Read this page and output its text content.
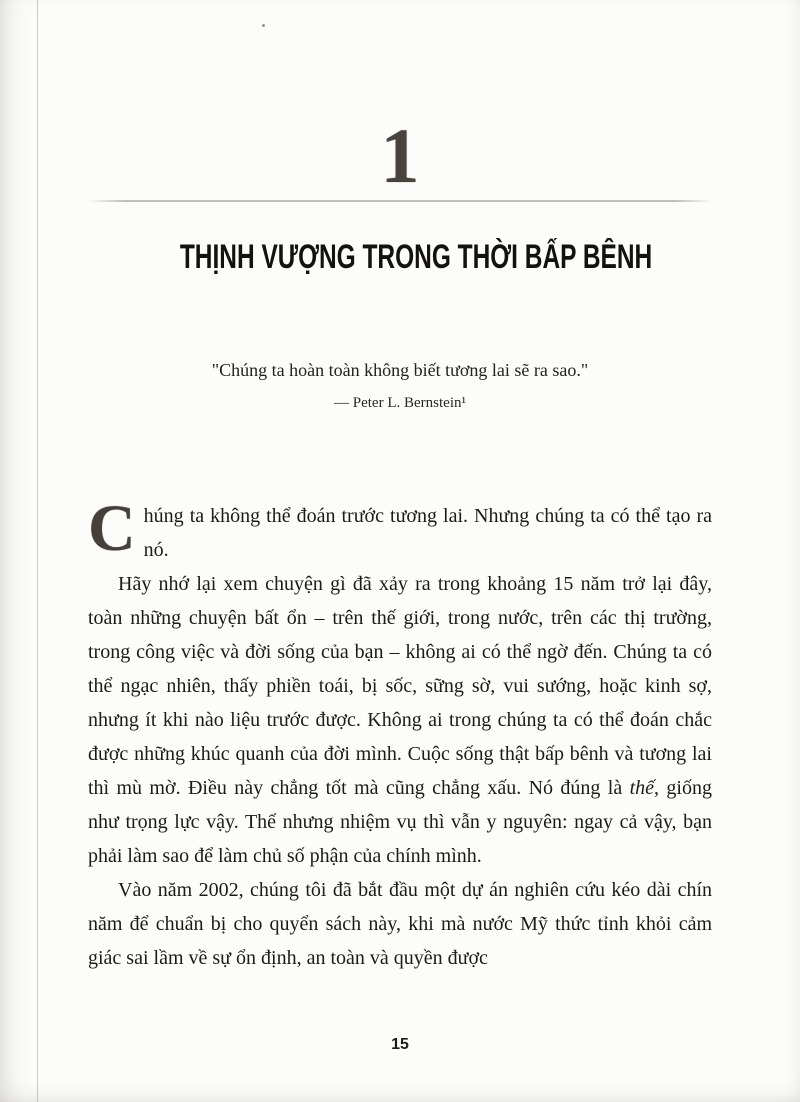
1
THỊNH VƯỢNG TRONG THỜI BẤP BÊNH

"Chúng ta hoàn toàn không biết tương lai sẽ ra sao."

— Peter L. Bernstein¹

Chúng ta không thể đoán trước tương lai. Nhưng chúng ta có thể tạo ra nó.

Hãy nhớ lại xem chuyện gì đã xảy ra trong khoảng 15 năm trở lại đây, toàn những chuyện bất ổn – trên thế giới, trong nước, trên các thị trường, trong công việc và đời sống của bạn – không ai có thể ngờ đến. Chúng ta có thể ngạc nhiên, thấy phiền toái, bị sốc, sững sờ, vui sướng, hoặc kinh sợ, nhưng ít khi nào liệu trước được. Không ai trong chúng ta có thể đoán chắc được những khúc quanh của đời mình. Cuộc sống thật bấp bênh và tương lai thì mù mờ. Điều này chẳng tốt mà cũng chẳng xấu. Nó đúng là thế, giống như trọng lực vậy. Thế nhưng nhiệm vụ thì vẫn y nguyên: ngay cả vậy, bạn phải làm sao để làm chủ số phận của chính mình.

Vào năm 2002, chúng tôi đã bắt đầu một dự án nghiên cứu kéo dài chín năm để chuẩn bị cho quyển sách này, khi mà nước Mỹ thức tỉnh khỏi cảm giác sai lầm về sự ổn định, an toàn và quyền được

15
